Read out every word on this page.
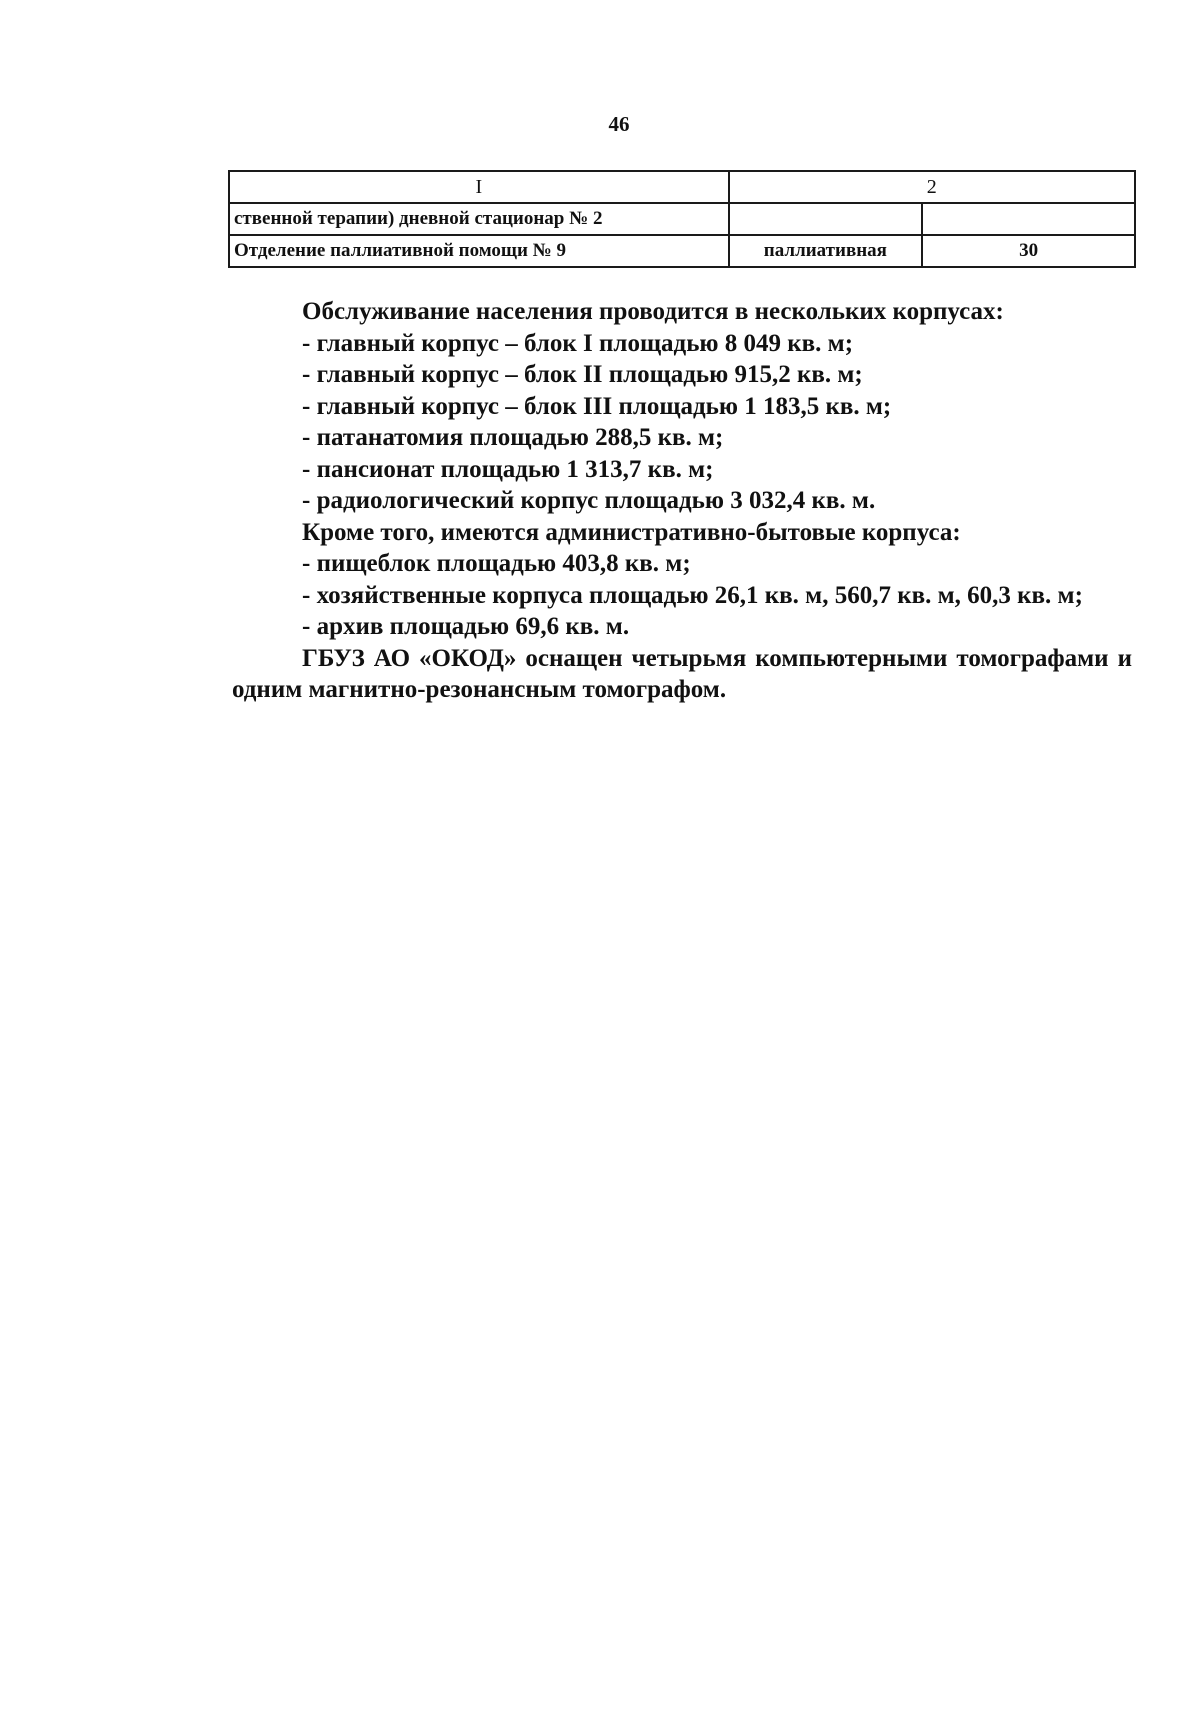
46
I	2	
ственной терапии) дневной стационар № 2		
Отделение паллиативной помощи № 9	паллиативная	30

Обслуживание населения проводится в нескольких корпусах:

- главный корпус – блок I площадью 8 049 кв. м;

- главный корпус – блок II площадью 915,2 кв. м;

- главный корпус – блок III площадью 1 183,5 кв. м;

- патанатомия площадью 288,5 кв. м;

- пансионат площадью 1 313,7 кв. м;

- радиологический корпус площадью 3 032,4 кв. м.

Кроме того, имеются административно-бытовые корпуса:

- пищеблок площадью 403,8 кв. м;

- хозяйственные корпуса площадью 26,1 кв. м, 560,7 кв. м, 60,3 кв. м;

- архив площадью 69,6 кв. м.

ГБУЗ АО «ОКОД» оснащен четырьмя компьютерными томографами и

одним магнитно-резонансным томографом.
